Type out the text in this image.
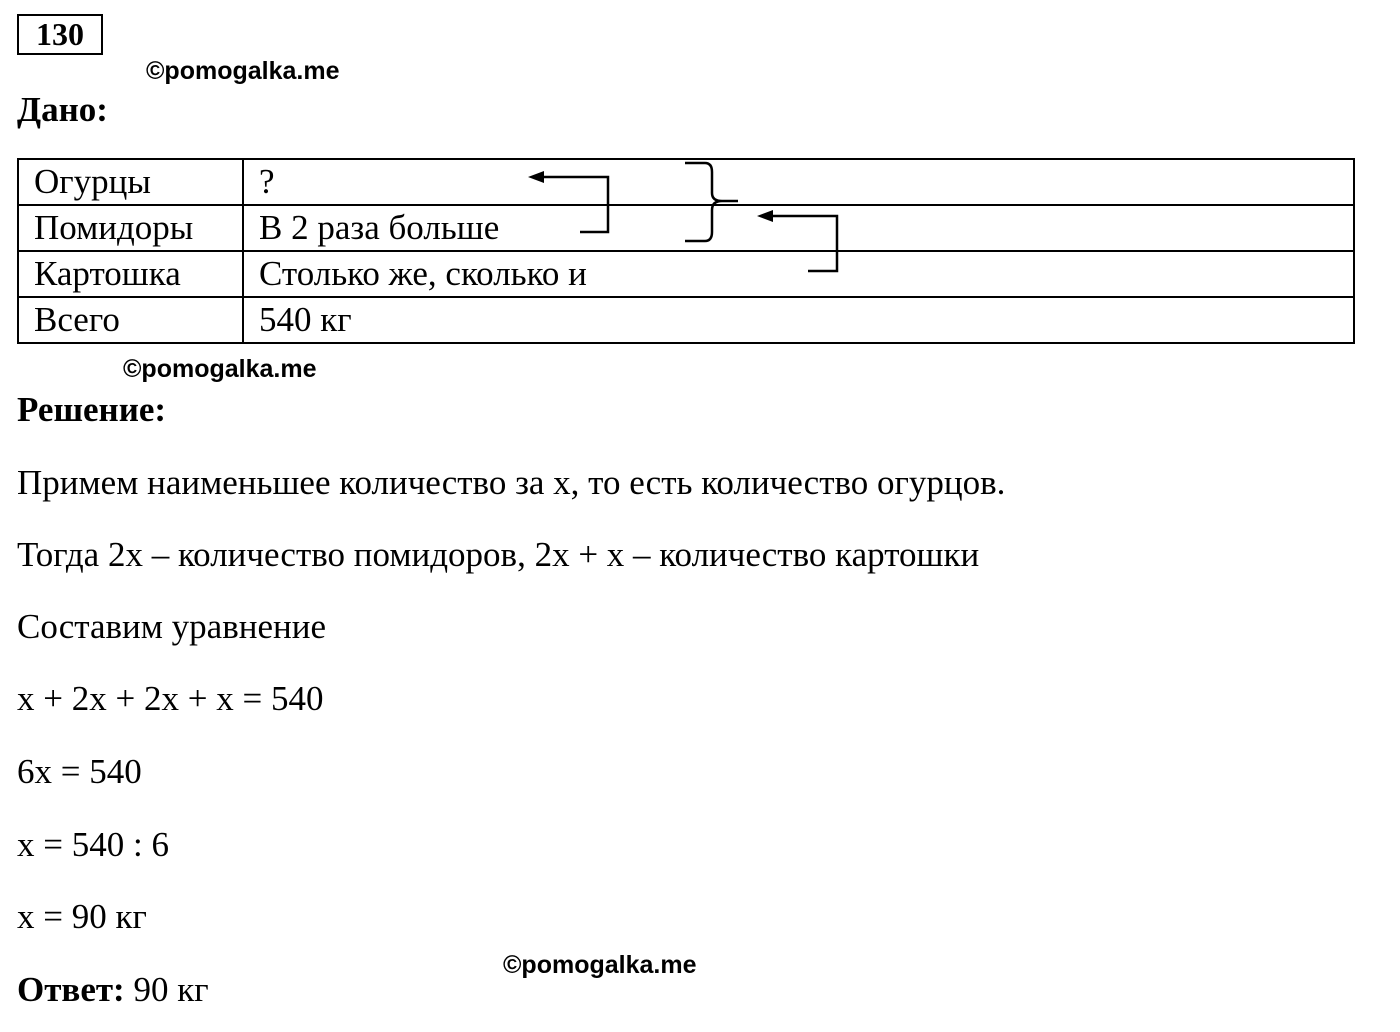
130
©pomogalka.me
Дано:
Огурцы	?
Помидоры	В 2 раза больше
Картошка	Столько же, сколько и
Всего	540 кг
©pomogalka.me
Решение:
Примем наименьшее количество за x, то есть количество огурцов.
Тогда 2x – количество помидоров, 2x + x – количество картошки
Составим уравнение
x + 2x + 2x + x = 540
6x = 540
x = 540 : 6
x = 90 кг
©pomogalka.me
Ответ: 90 кг
